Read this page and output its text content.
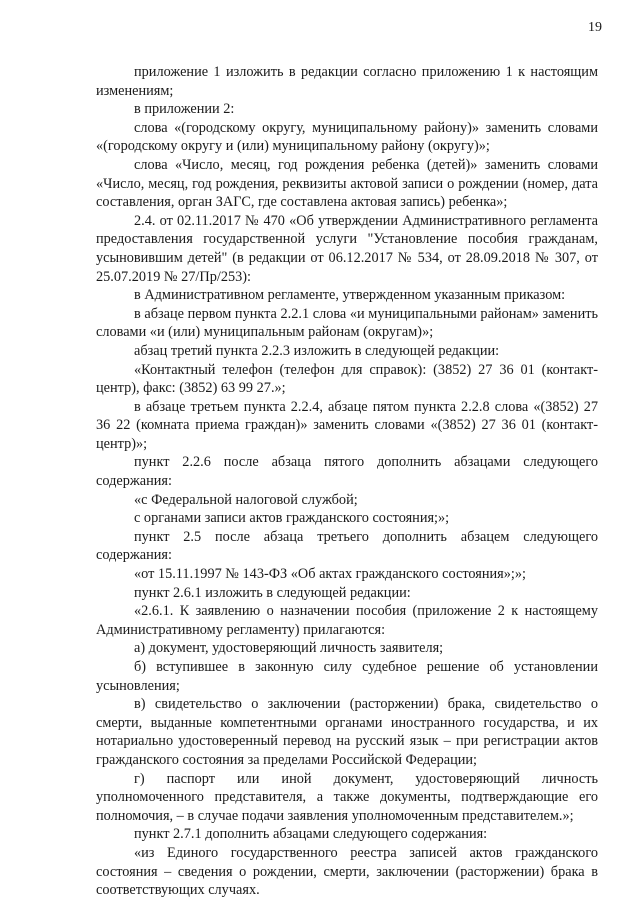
19

приложение 1 изложить в редакции согласно приложению 1 к настоящим изменениям;

в приложении 2:

слова «(городскому округу, муниципальному району)» заменить словами «(городскому округу и (или) муниципальному району (округу)»;

слова «Число, месяц, год рождения ребенка (детей)» заменить словами «Число, месяц, год рождения, реквизиты актовой записи о рождении (номер, дата составления, орган ЗАГС, где составлена актовая запись) ребенка»;

2.4. от 02.11.2017 № 470 «Об утверждении Административного регламента предоставления государственной услуги "Установление пособия гражданам, усыновившим детей" (в редакции от 06.12.2017 № 534, от 28.09.2018 № 307, от 25.07.2019 № 27/Пр/253):

в Административном регламенте, утвержденном указанным приказом:

в абзаце первом пункта 2.2.1 слова «и муниципальными районам» заменить словами «и (или) муниципальным районам (округам)»;

абзац третий пункта 2.2.3 изложить в следующей редакции:

«Контактный телефон (телефон для справок): (3852) 27 36 01 (контакт-центр), факс: (3852) 63 99 27.»;

в абзаце третьем пункта 2.2.4, абзаце пятом пункта 2.2.8 слова «(3852) 27 36 22 (комната приема граждан)» заменить словами «(3852) 27 36 01 (контакт-центр)»;

пункт 2.2.6 после абзаца пятого дополнить абзацами следующего содержания:

«с Федеральной налоговой службой;

с органами записи актов гражданского состояния;»;

пункт 2.5 после абзаца третьего дополнить абзацем следующего содержания:

«от 15.11.1997 № 143-ФЗ «Об актах гражданского состояния»;»;

пункт 2.6.1 изложить в следующей редакции:

«2.6.1. К заявлению о назначении пособия (приложение 2 к настоящему Административному регламенту) прилагаются:

а) документ, удостоверяющий личность заявителя;

б) вступившее в законную силу судебное решение об установлении усыновления;

в) свидетельство о заключении (расторжении) брака, свидетельство о смерти, выданные компетентными органами иностранного государства, и их нотариально удостоверенный перевод на русский язык – при регистрации актов гражданского состояния за пределами Российской Федерации;

г) паспорт или иной документ, удостоверяющий личность уполномоченного представителя, а также документы, подтверждающие его полномочия, – в случае подачи заявления уполномоченным представителем.»;

пункт 2.7.1 дополнить абзацами следующего содержания:

«из Единого государственного реестра записей актов гражданского состояния – сведения о рождении, смерти, заключении (расторжении) брака в соответствующих случаях.
